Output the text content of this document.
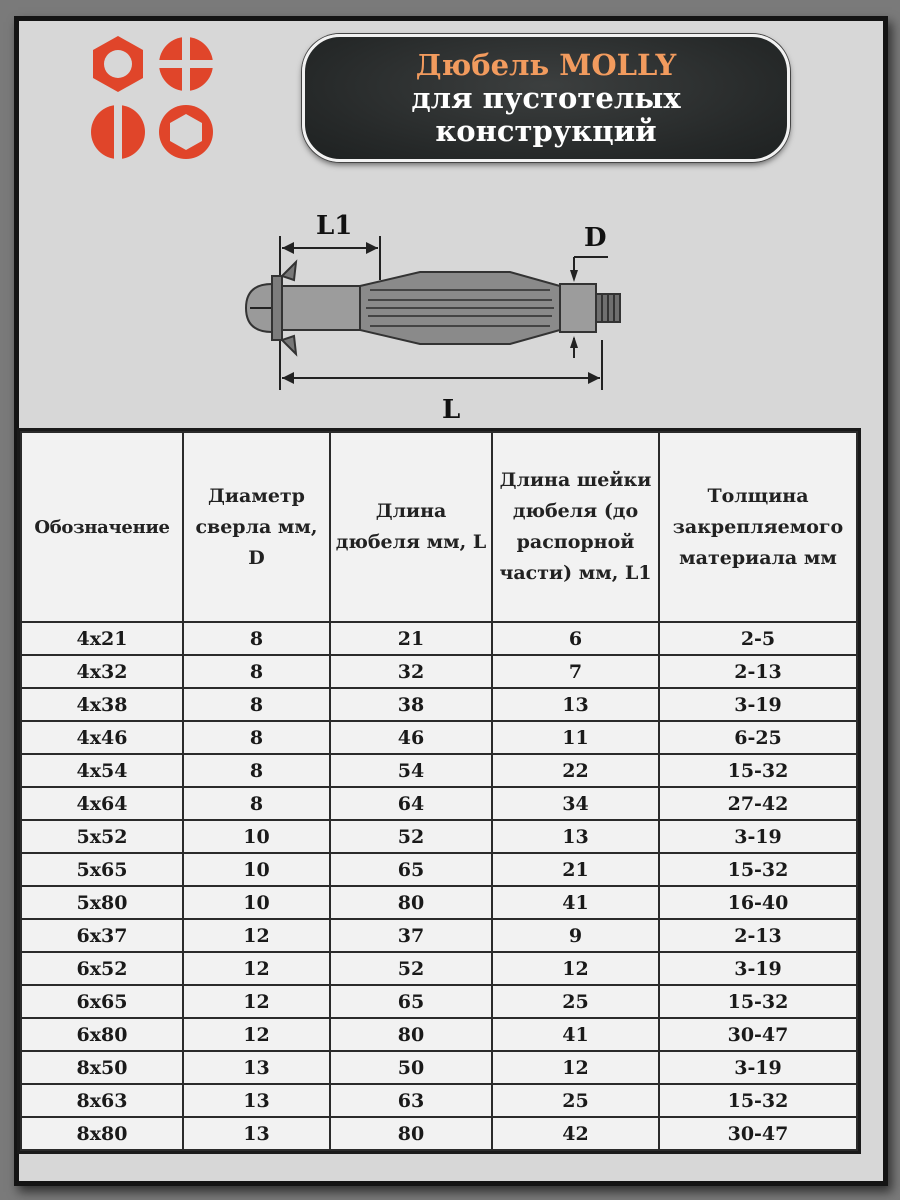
Дюбель MOLLY
для пустотелых
конструкций
L1	D
L
Обозначение	Диаметр сверла мм, D	Длина дюбеля мм, L	Длина шейки дюбеля (до распорной части) мм, L1	Толщина закрепляемого материала мм
4x21	8	21	6	2-5
4x32	8	32	7	2-13
4x38	8	38	13	3-19
4x46	8	46	11	6-25
4x54	8	54	22	15-32
4x64	8	64	34	27-42
5x52	10	52	13	3-19
5x65	10	65	21	15-32
5x80	10	80	41	16-40
6x37	12	37	9	2-13
6x52	12	52	12	3-19
6x65	12	65	25	15-32
6x80	12	80	41	30-47
8x50	13	50	12	3-19
8x63	13	63	25	15-32
8x80	13	80	42	30-47
